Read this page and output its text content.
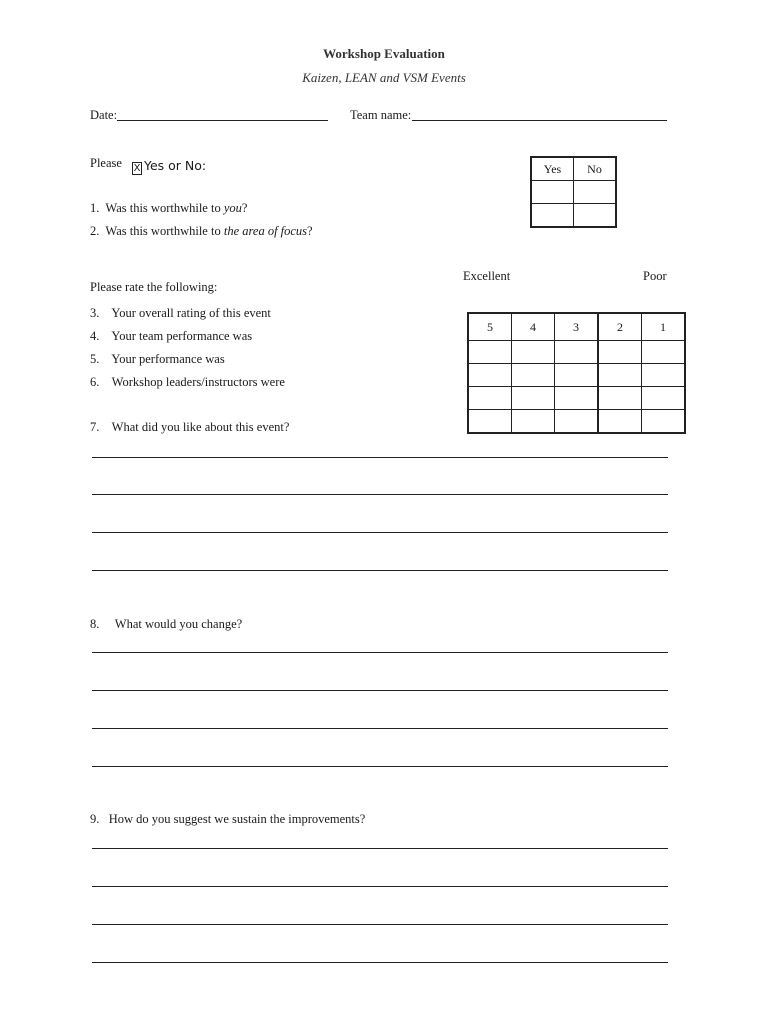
Workshop Evaluation
Kaizen, LEAN and VSM Events
Date:	Team name:
Please X Yes or No:	Yes	No

1. Was this worthwhile to you?
2. Was this worthwhile to the area of focus?
Excellent	Poor
Please rate the following:
3. Your overall rating of this event
4. Your team performance was
5. Your performance was
6. Workshop leaders/instructors were
5	4	3	2	1

7. What did you like about this event?
8. What would you change?
9. How do you suggest we sustain the improvements?
